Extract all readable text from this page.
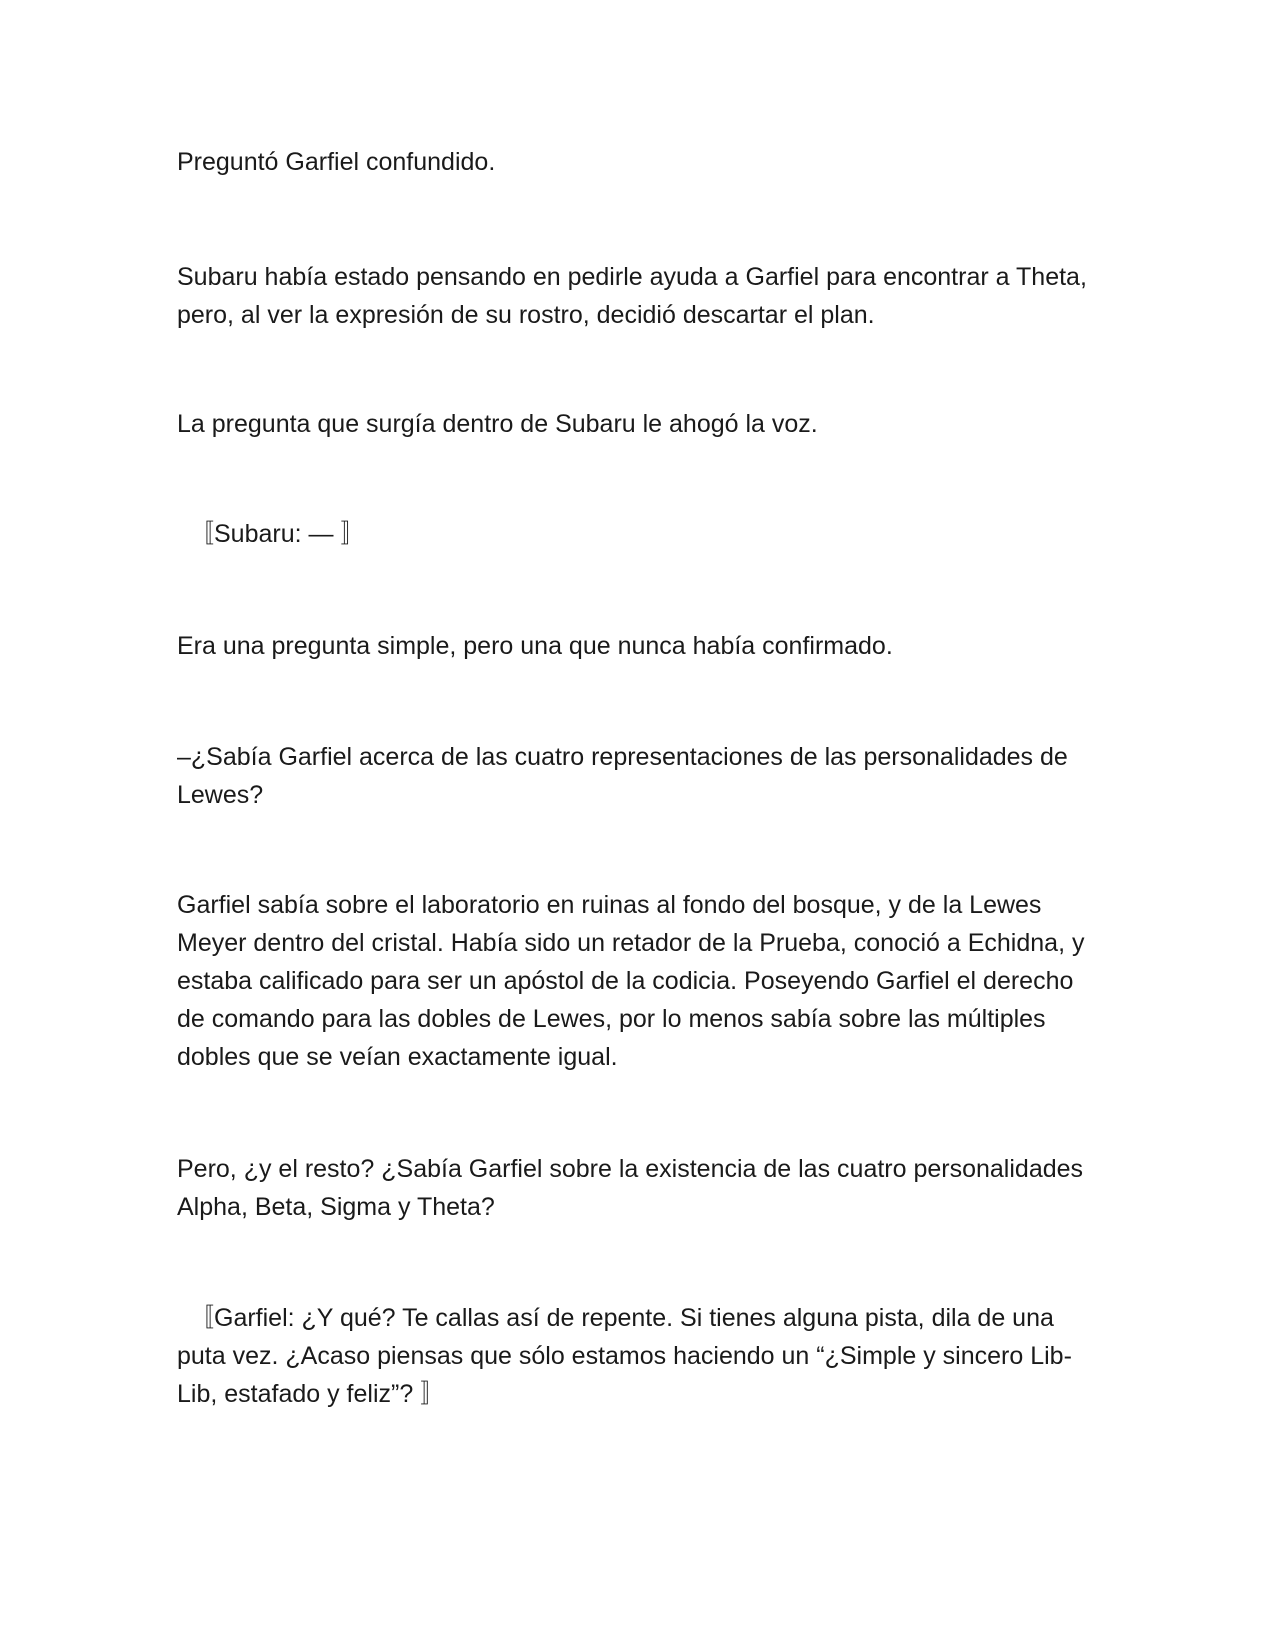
Preguntó Garfiel confundido.

Subaru había estado pensando en pedirle ayuda a Garfiel para encontrar a Theta, pero, al ver la expresión de su rostro, decidió descartar el plan.

La pregunta que surgía dentro de Subaru le ahogó la voz.

〚Subaru: — 〛

Era una pregunta simple, pero una que nunca había confirmado.

–¿Sabía Garfiel acerca de las cuatro representaciones de las personalidades de Lewes?

Garfiel sabía sobre el laboratorio en ruinas al fondo del bosque, y de la Lewes Meyer dentro del cristal. Había sido un retador de la Prueba, conoció a Echidna, y estaba calificado para ser un apóstol de la codicia. Poseyendo Garfiel el derecho de comando para las dobles de Lewes, por lo menos sabía sobre las múltiples dobles que se veían exactamente igual.

Pero, ¿y el resto? ¿Sabía Garfiel sobre la existencia de las cuatro personalidades Alpha, Beta, Sigma y Theta?

〚Garfiel: ¿Y qué? Te callas así de repente. Si tienes alguna pista, dila de una puta vez. ¿Acaso piensas que sólo estamos haciendo un “¿Simple y sincero Lib-Lib, estafado y feliz”? 〛
